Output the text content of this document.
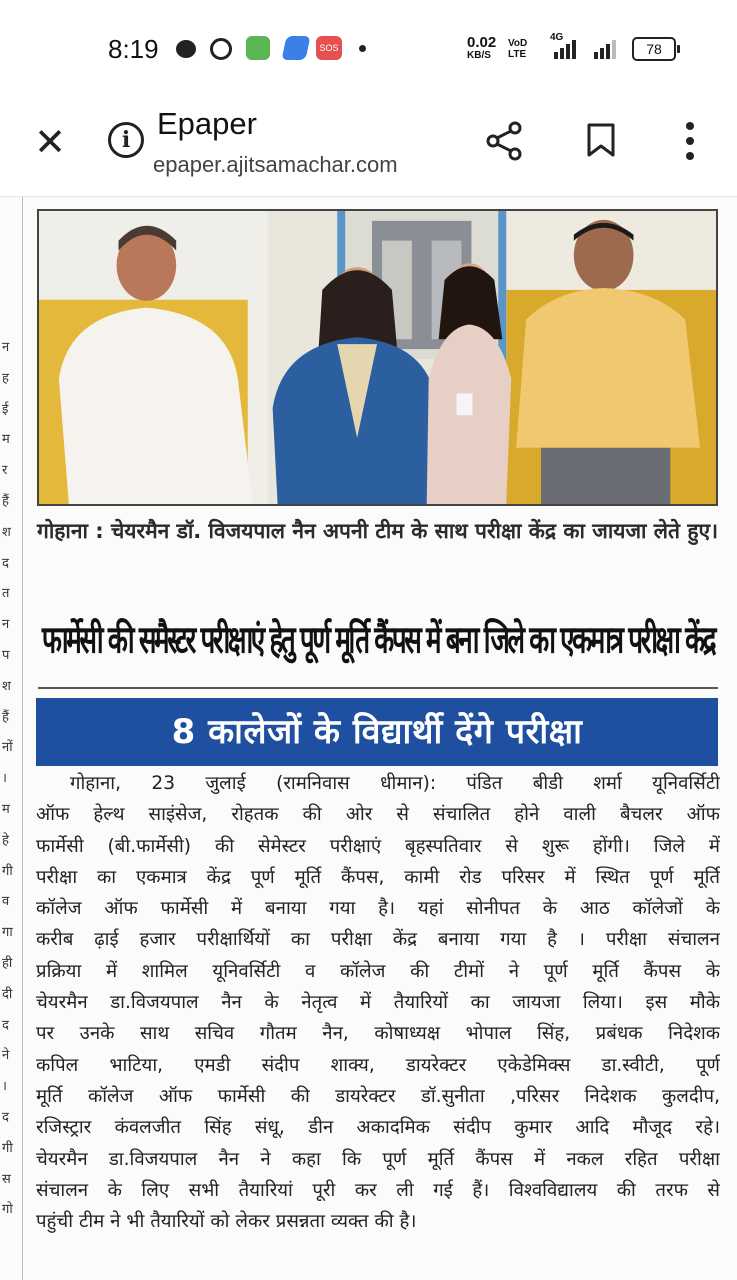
8:19	SOS	0.02
KB/S
VoD
LTE
4G
78
✕	i Epaper
epaper.ajitsamachar.com
न
ह
ई
म
र
हैं
श
द
त
न
प
श
हैं
नों
।
म
हे
गी
व
गा
ही
दी
द
ने
।
द
गी
स
गो
गोहाना : चेयरमैन डॉ. विजयपाल नैन अपनी टीम के साथ परीक्षा केंद्र का जायजा लेते हुए।
फार्मेसी की समैस्टर परीक्षाएं हेतु पूर्ण मूर्ति कैंपस में बना जिले का एकमात्र परीक्षा केंद्र
8 कालेजों के विद्यार्थी देंगे परीक्षा
गोहाना, 23 जुलाई (रामनिवास धीमान): पंडित बीडी शर्मा यूनिवर्सिटी
ऑफ हेल्थ साइंसेज, रोहतक की ओर से संचालित होने वाली बैचलर ऑफ
फार्मेसी (बी.फार्मेसी) की सेमेस्टर परीक्षाएं बृहस्पतिवार से शुरू होंगी। जिले में
परीक्षा का एकमात्र केंद्र पूर्ण मूर्ति कैंपस, कामी रोड परिसर में स्थित पूर्ण मूर्ति
कॉलेज ऑफ फार्मेसी में बनाया गया है। यहां सोनीपत के आठ कॉलेजों के
करीब ढ़ाई हजार परीक्षार्थियों का परीक्षा केंद्र बनाया गया है । परीक्षा संचालन
प्रक्रिया में शामिल यूनिवर्सिटी व कॉलेज की टीमों ने पूर्ण मूर्ति कैंपस के
चेयरमैन डा.विजयपाल नैन के नेतृत्व में तैयारियों का जायजा लिया। इस मौके
पर उनके साथ सचिव गौतम नैन, कोषाध्यक्ष भोपाल सिंह, प्रबंधक निदेशक
कपिल भाटिया, एमडी संदीप शाक्य, डायरेक्टर एकेडेमिक्स डा.स्वीटी, पूर्ण
मूर्ति कॉलेज ऑफ फार्मेसी की डायरेक्टर डॉ.सुनीता ,परिसर निदेशक कुलदीप,
रजिस्ट्रार कंवलजीत सिंह संधू, डीन अकादमिक संदीप कुमार आदि मौजूद रहे।
चेयरमैन डा.विजयपाल नैन ने कहा कि पूर्ण मूर्ति कैंपस में नकल रहित परीक्षा
संचालन के लिए सभी तैयारियां पूरी कर ली गई हैं। विश्वविद्यालय की तरफ से
पहुंची टीम ने भी तैयारियों को लेकर प्रसन्नता व्यक्त की है।
